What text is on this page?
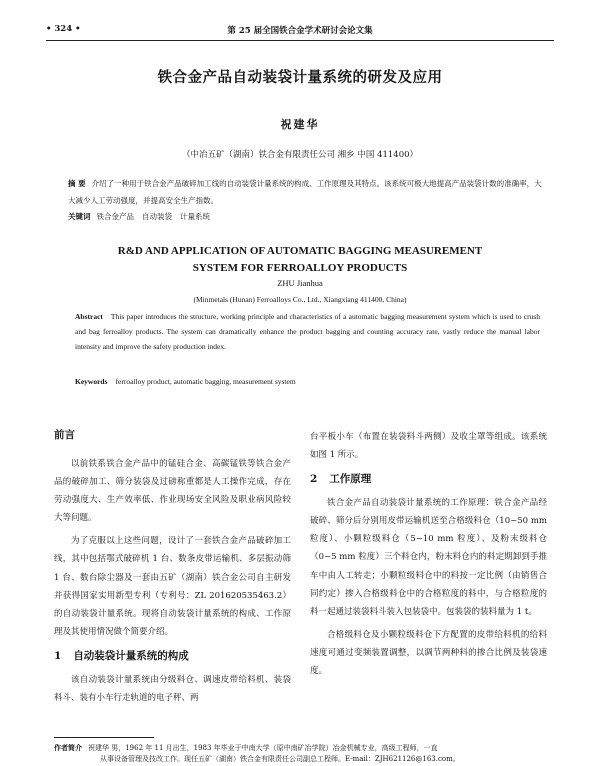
• 324 •	第 25 届全国铁合金学术研讨会论文集
铁合金产品自动装袋计量系统的研发及应用
祝建华
（中冶五矿（湖南）铁合金有限责任公司 湘乡 中国 411400）
摘 要 介绍了一种用于铁合金产品破碎加工线的自动装袋计量系统的构成、工作原理及其特点。该系统可极大地提高产品装袋计数的准确率，大大减少人工劳动强度，并提高安全生产指数。
关键词 铁合金产品 自动装袋 计量系统
R&D AND APPLICATION OF AUTOMATIC BAGGING MEASUREMENT
SYSTEM FOR FERROALLOY PRODUCTS
ZHU Jianhua
(Minmetals (Hunan) Ferroalloys Co., Ltd., Xiangxiang 411400, China)
Abstract This paper introduces the structure, working principle and characteristics of a automatic bagging measurement system which is used to crush and bag ferroalloy products. The system can dramatically enhance the product bagging and counting accuracy rate, vastly reduce the manual labor intensity and improve the safety production index.
Keywords ferroalloy product, automatic bagging, measurement system
前言

以前铁系铁合金产品中的锰硅合金、高碳锰铁等铁合金产品的破碎加工、筛分装袋及过磅称重都是人工操作完成，存在劳动强度大、生产效率低、作业现场安全风险及职业病风险较大等问题。

为了克服以上这些问题，设计了一套铁合金产品破碎加工线，其中包括鄂式破碎机 1 台、数条皮带运输机、多层振动筛 1 台、数台除尘器及一套由五矿（湖南）铁合金公司自主研发并获得国家实用新型专利（专利号：ZL 201620535463.2）的自动装袋计量系统。现将自动装袋计量系统的构成、工作原理及其使用情况做个简要介绍。

1 自动装袋计量系统的构成

该自动装袋计量系统由分级料仓、调速皮带给料机、装袋料斗、装有小车行走轨道的电子秤、两

台平板小车（布置在装袋料斗两侧）及收尘罩等组成。该系统如图 1 所示。

2 工作原理

铁合金产品自动装袋计量系统的工作原理：铁合金产品经破碎、筛分后分别用皮带运输机送至合格级料仓（10~50 mm 粒度）、小颗粒级料仓（5~10 mm 粒度）、及粉末级料仓（0~5 mm 粒度）三个料仓内，粉末料仓内的料定期卸到手推车中由人工转走；小颗粒级料仓中的料按一定比例（由销售合同约定）掺入合格级料仓中的合格粒度的料中，与合格粒度的料一起通过装袋料斗装入包装袋中。包装袋的装料量为 1 t。

合格级料仓及小颗粒级料仓下方配置的皮带给料机的给料速度可通过变频装置调整，以调节两种料的掺合比例及装袋速度。

作者简介 祝建华 男，1962 年 11 月出生，1983 年毕业于中南大学（原中南矿冶学院）冶金机械专业，高级工程师，一直
从事设备管理及技改工作。现任五矿（湖南）铁合金有限责任公司副总工程师。E-mail：ZJH621126@163.com。
